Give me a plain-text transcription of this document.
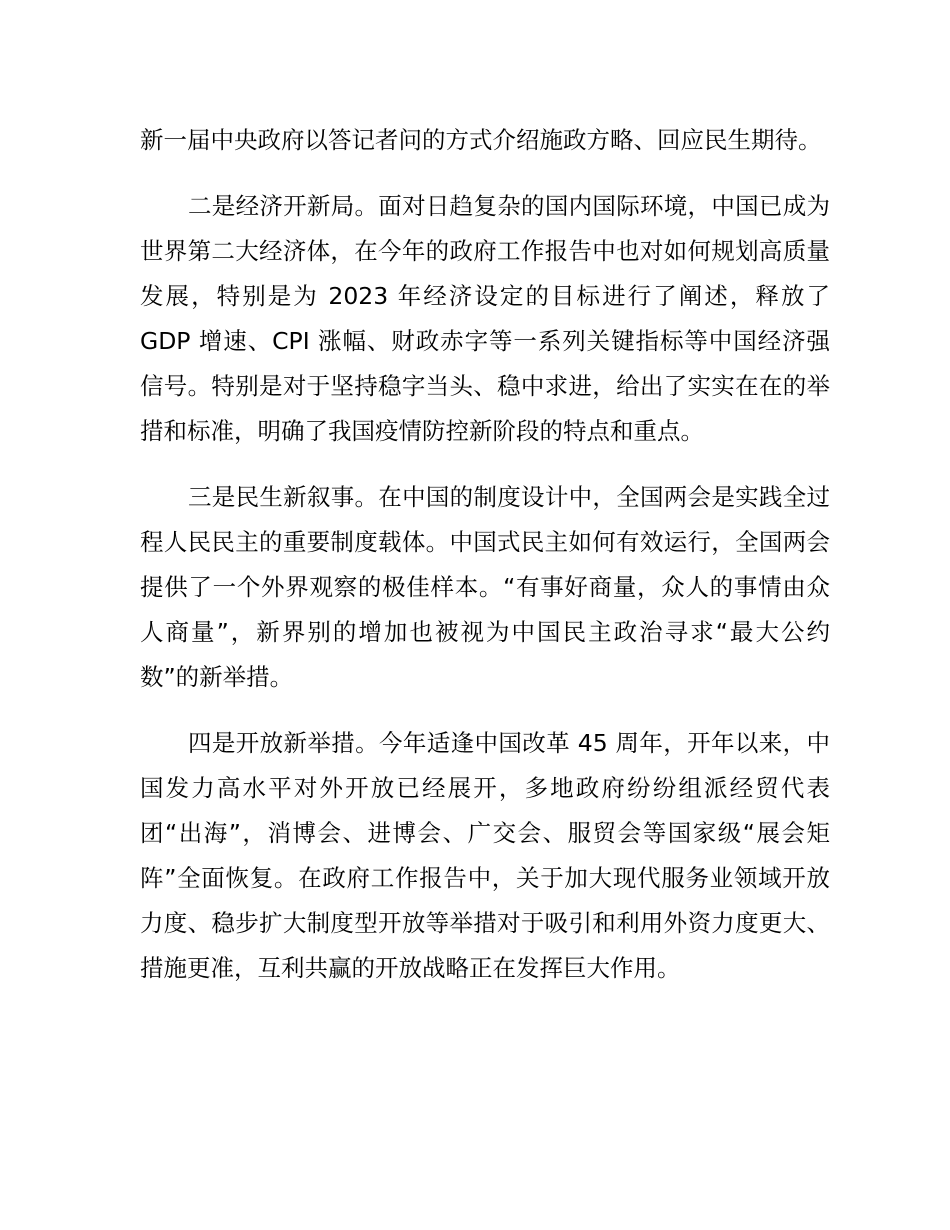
新一届中央政府以答记者问的方式介绍施政方略、回应民生期待。

二是经济开新局。面对日趋复杂的国内国际环境，中国已成为世界第二大经济体，在今年的政府工作报告中也对如何规划高质量发展，特别是为 2023 年经济设定的目标进行了阐述，释放了 GDP 增速、CPI 涨幅、财政赤字等一系列关键指标等中国经济强信号。特别是对于坚持稳字当头、稳中求进，给出了实实在在的举措和标准，明确了我国疫情防控新阶段的特点和重点。

三是民生新叙事。在中国的制度设计中，全国两会是实践全过程人民民主的重要制度载体。中国式民主如何有效运行，全国两会提供了一个外界观察的极佳样本。“有事好商量，众人的事情由众人商量”，新界别的增加也被视为中国民主政治寻求“最大公约数”的新举措。

四是开放新举措。今年适逢中国改革 45 周年，开年以来，中国发力高水平对外开放已经展开，多地政府纷纷组派经贸代表团“出海”，消博会、进博会、广交会、服贸会等国家级“展会矩阵”全面恢复。在政府工作报告中，关于加大现代服务业领域开放力度、稳步扩大制度型开放等举措对于吸引和利用外资力度更大、措施更准，互利共赢的开放战略正在发挥巨大作用。
